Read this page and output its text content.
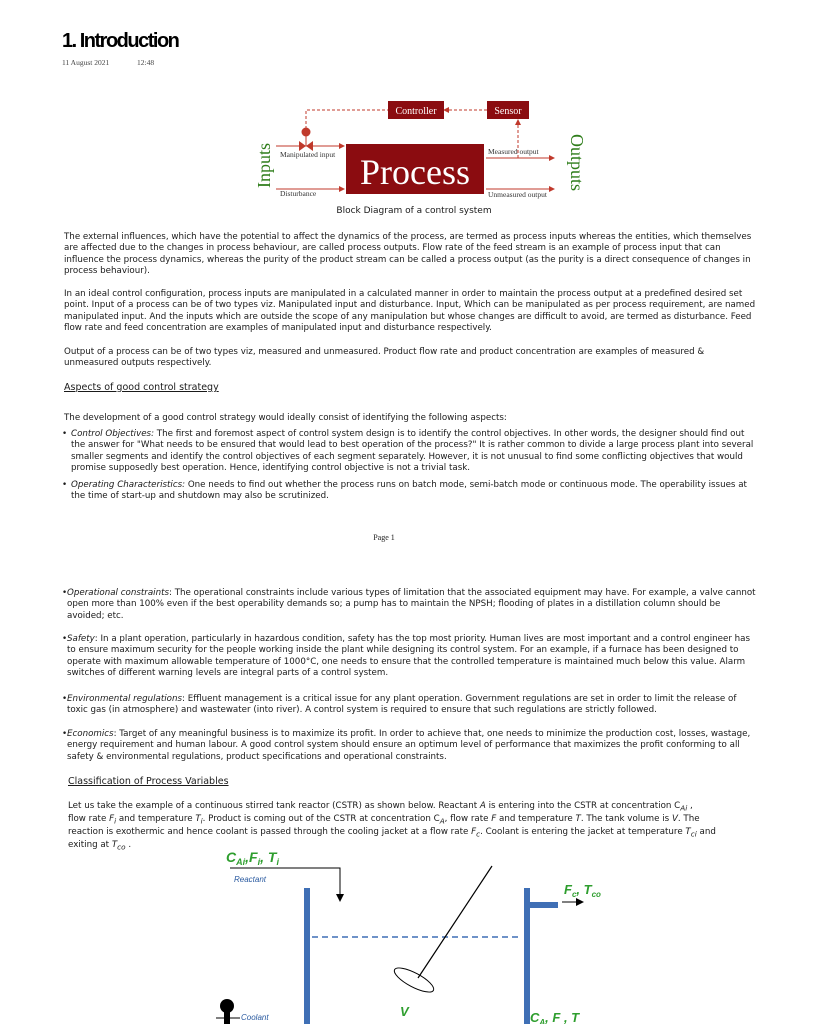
1. Introduction
11 August 2021	12:48
Controller	Sensor
Process
Manipulated input
Disturbance
Inputs	Measured output
Unmeasured output
Outputs
Block Diagram of a control system
The external influences, which have the potential to affect the dynamics of the process, are termed as process inputs whereas the entities, which themselves are affected due to the changes in process behaviour, are called process outputs. Flow rate of the feed stream is an example of process input that can influence the process dynamics, whereas the purity of the product stream can be called a process output (as the purity is a direct consequence of changes in process behaviour).
In an ideal control configuration, process inputs are manipulated in a calculated manner in order to maintain the process output at a predefined desired set point. Input of a process can be of two types viz. Manipulated input and disturbance. Input, Which can be manipulated as per process requirement, are named manipulated input. And the inputs which are outside the scope of any manipulation but whose changes are difficult to avoid, are termed as disturbance. Feed flow rate and feed concentration are examples of manipulated input and disturbance respectively.
Output of a process can be of two types viz, measured and unmeasured. Product flow rate and product concentration are examples of measured & unmeasured outputs respectively.
Aspects of good control strategy
The development of a good control strategy would ideally consist of identifying the following aspects:
• Control Objectives: The first and foremost aspect of control system design is to identify the control objectives. In other words, the designer should find out the answer for "What needs to be ensured that would lead to best operation of the process?" It is rather common to divide a large process plant into several smaller segments and identify the control objectives of each segment separately. However, it is not unusual to find some conflicting objectives that would promise supposedly best operation. Hence, identifying control objective is not a trivial task.
• Operating Characteristics: One needs to find out whether the process runs on batch mode, semi-batch mode or continuous mode. The operability issues at the time of start-up and shutdown may also be scrutinized.
Page 1
• Operational constraints: The operational constraints include various types of limitation that the associated equipment may have. For example, a valve cannot open more than 100% even if the best operability demands so; a pump has to maintain the NPSH; flooding of plates in a distillation column should be avoided; etc.
• Safety: In a plant operation, particularly in hazardous condition, safety has the top most priority. Human lives are most important and a control engineer has to ensure maximum security for the people working inside the plant while designing its control system. For an example, if a furnace has been designed to operate with maximum allowable temperature of 1000°C, one needs to ensure that the controlled temperature is maintained much below this value. Alarm switches of different warning levels are integral parts of a control system.
• Environmental regulations: Effluent management is a critical issue for any plant operation. Government regulations are set in order to limit the release of toxic gas (in atmosphere) and wastewater (into river). A control system is required to ensure that such regulations are strictly followed.
• Economics: Target of any meaningful business is to maximize its profit. In order to achieve that, one needs to minimize the production cost, losses, wastage, energy requirement and human labour. A good control system should ensure an optimum level of performance that maximizes the profit conforming to all safety & environmental regulations, product specifications and operational constraints.
Classification of Process Variables
Let us take the example of a continuous stirred tank reactor (CSTR) as shown below. Reactant A is entering into the CSTR at concentration $C_{Ai}$ ,
flow rate $F_i$ and temperature $T_i$. Product is coming out of the CSTR at concentration $C_A$, flow rate F and temperature T. The tank volume is V. The
reaction is exothermic and hence coolant is passed through the cooling jacket at a flow rate $F_c$. Coolant is entering the jacket at temperature $T_{ci}$ and
exiting at $T_{co}$ .
$C_{Ai},F_i$, $T_i$
Reactant
V
$F_c$, $T_{co}$
$C_A$, F , T
Coolant
